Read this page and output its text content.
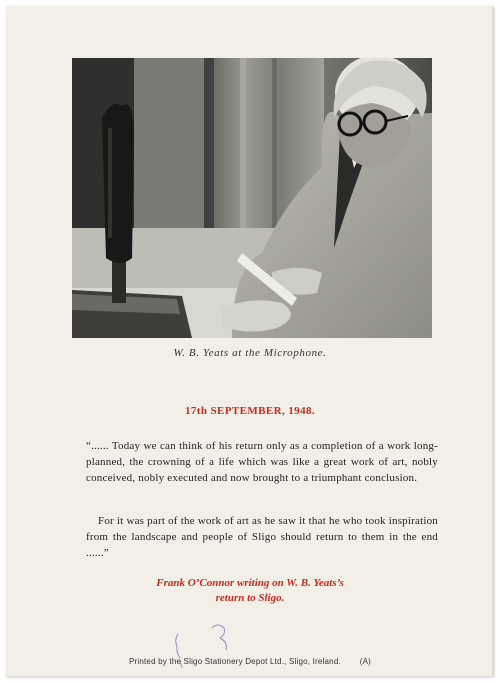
W. B. Yeats at the Microphone.
17th SEPTEMBER, 1948.

“...... Today we can think of his return only as a completion of a work long-planned, the crowning of a life which was like a great work of art, nobly conceived, nobly executed and now brought to a triumphant conclusion.

For it was part of the work of art as he saw it that he who took inspiration from the landscape and people of Sligo should return to them in the end ......”

Frank O’Connor writing on W. B. Yeats’s
return to Sligo.
Printed by the Sligo Stationery Depot Ltd., Sligo, Ireland. (A)
